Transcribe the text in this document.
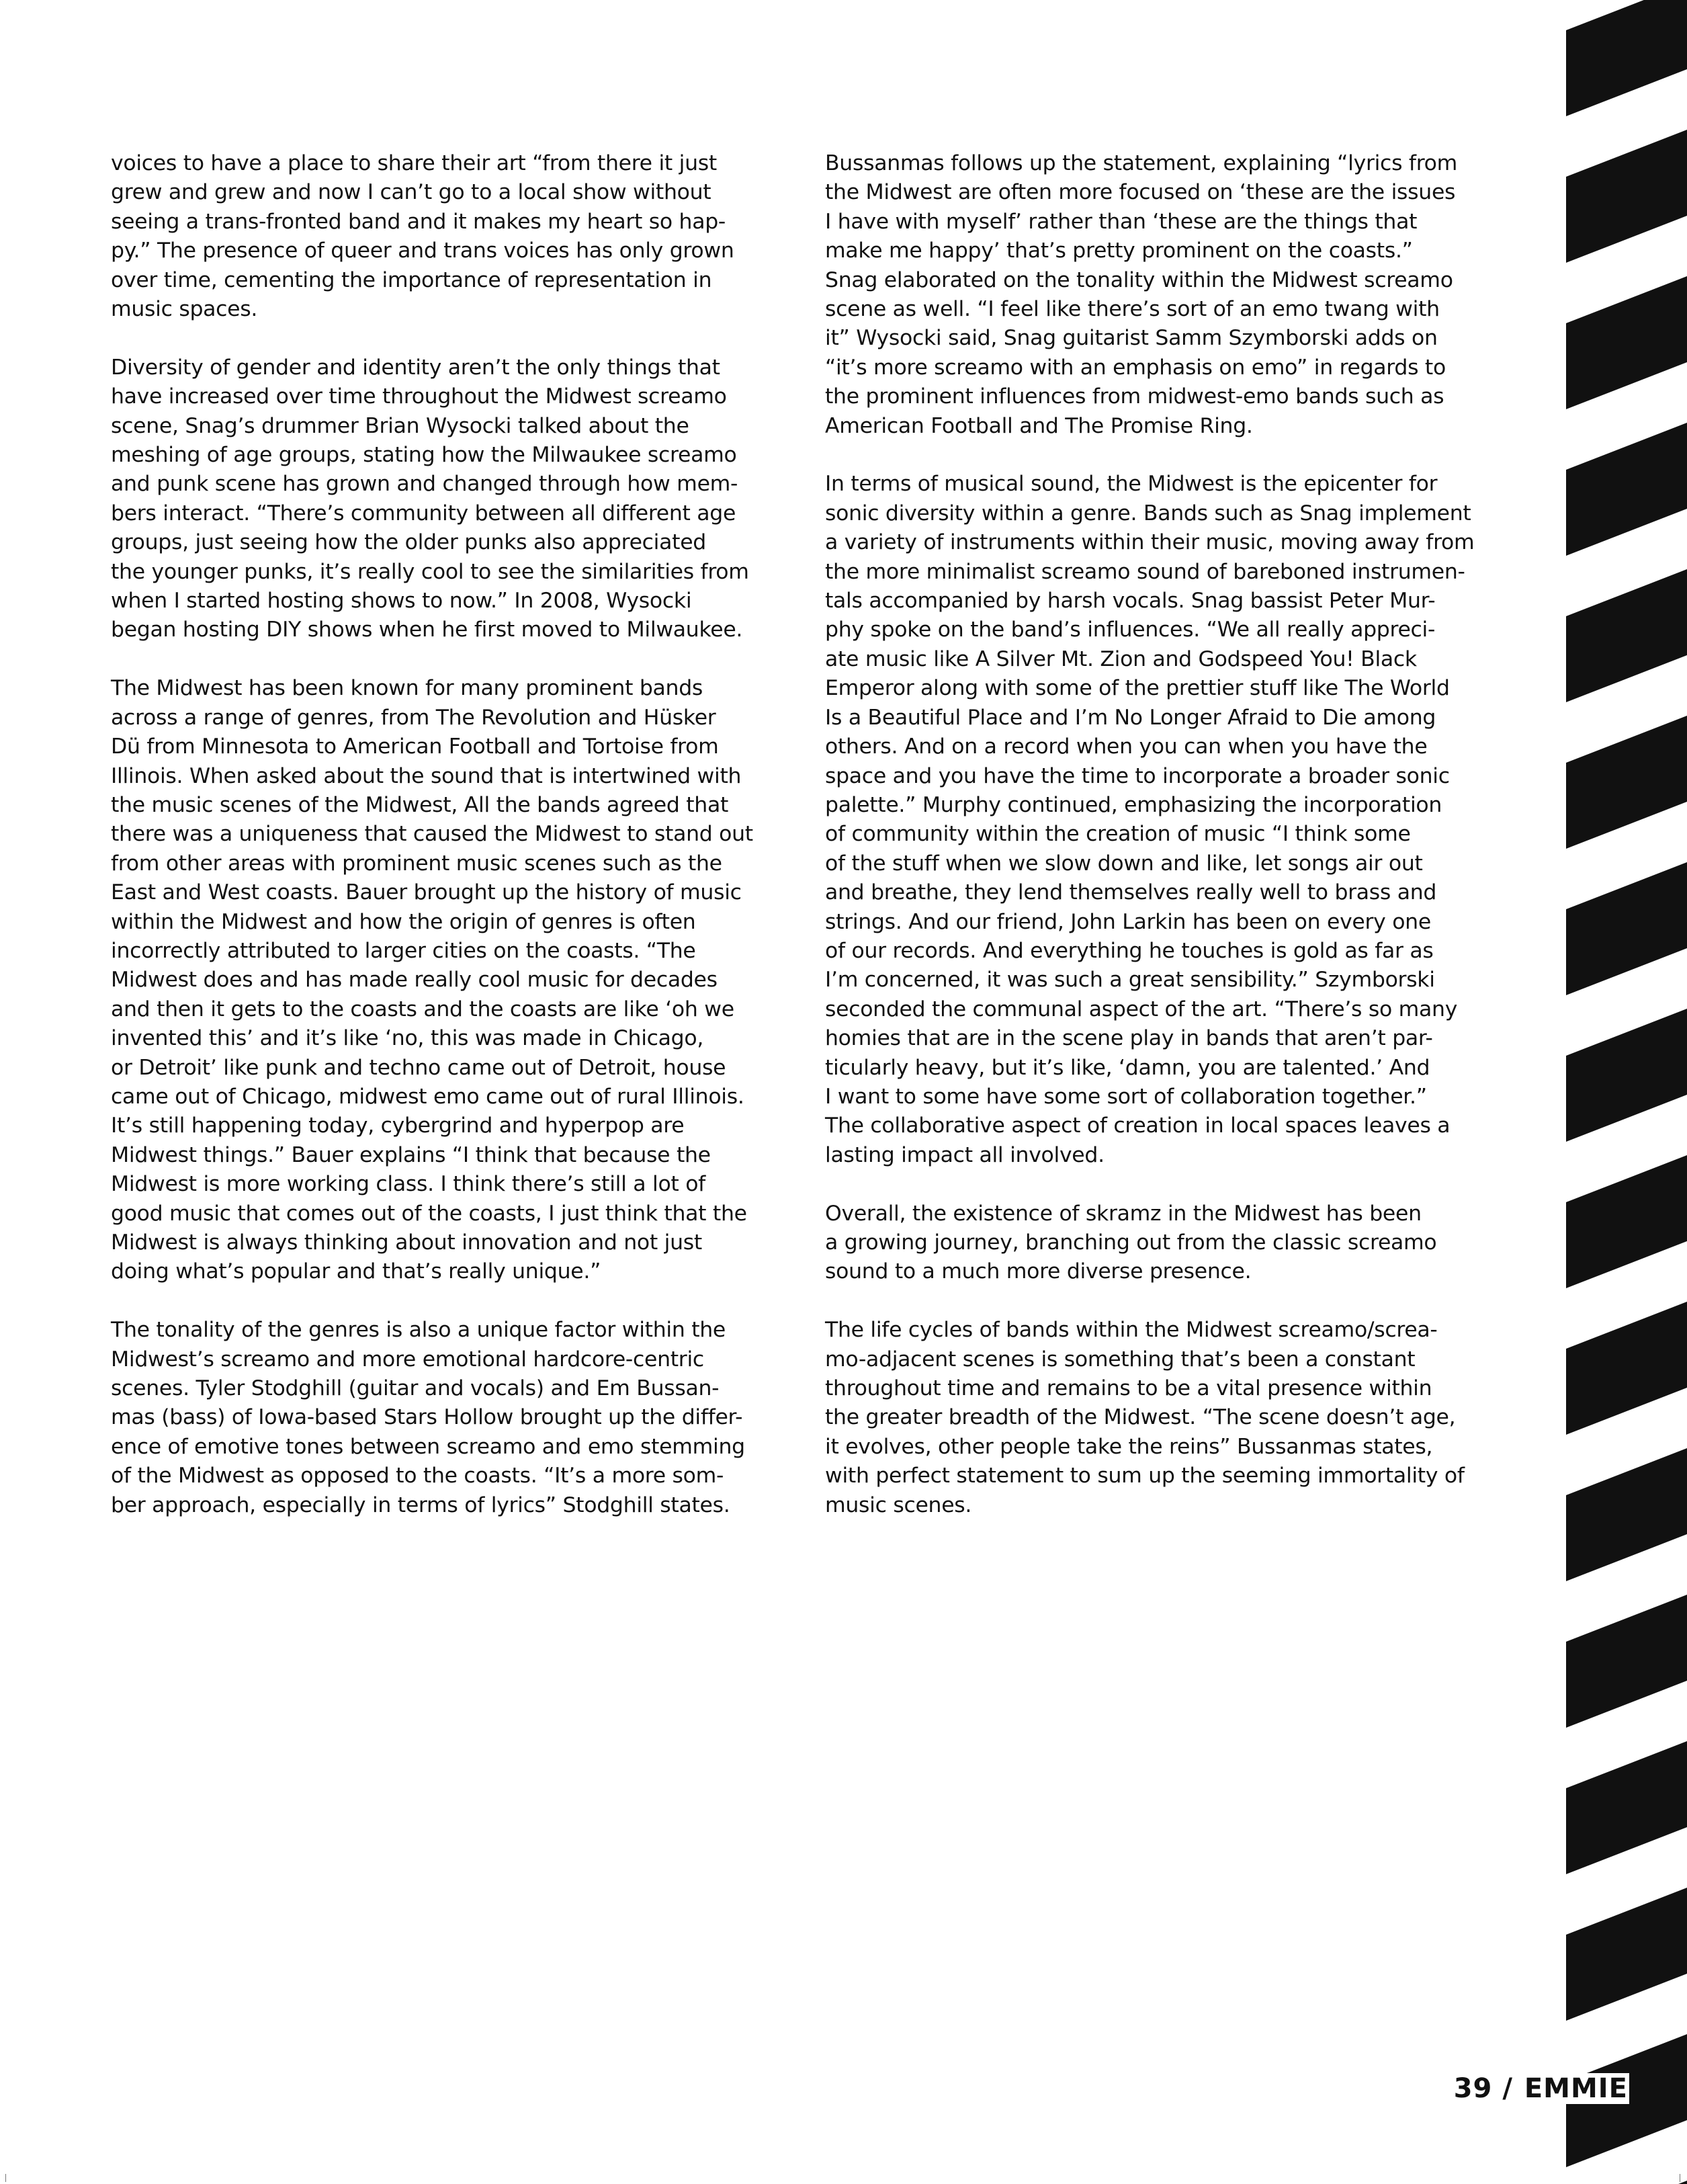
voices to have a place to share their art “from there it just
grew and grew and now I can’t go to a local show without
seeing a trans-fronted band and it makes my heart so hap-
py.” The presence of queer and trans voices has only grown
over time, cementing the importance of representation in
music spaces.

Diversity of gender and identity aren’t the only things that
have increased over time throughout the Midwest screamo
scene, Snag’s drummer Brian Wysocki talked about the
meshing of age groups, stating how the Milwaukee screamo
and punk scene has grown and changed through how mem-
bers interact. “There’s community between all different age
groups, just seeing how the older punks also appreciated
the younger punks, it’s really cool to see the similarities from
when I started hosting shows to now.” In 2008, Wysocki
began hosting DIY shows when he first moved to Milwaukee.

The Midwest has been known for many prominent bands
across a range of genres, from The Revolution and Hüsker
Dü from Minnesota to American Football and Tortoise from
Illinois. When asked about the sound that is intertwined with
the music scenes of the Midwest, All the bands agreed that
there was a uniqueness that caused the Midwest to stand out
from other areas with prominent music scenes such as the
East and West coasts. Bauer brought up the history of music
within the Midwest and how the origin of genres is often
incorrectly attributed to larger cities on the coasts. “The
Midwest does and has made really cool music for decades
and then it gets to the coasts and the coasts are like ‘oh we
invented this’ and it’s like ‘no, this was made in Chicago,
or Detroit’ like punk and techno came out of Detroit, house
came out of Chicago, midwest emo came out of rural Illinois.
It’s still happening today, cybergrind and hyperpop are
Midwest things.” Bauer explains “I think that because the
Midwest is more working class. I think there’s still a lot of
good music that comes out of the coasts, I just think that the
Midwest is always thinking about innovation and not just
doing what’s popular and that’s really unique.”

The tonality of the genres is also a unique factor within the
Midwest’s screamo and more emotional hardcore-centric
scenes. Tyler Stodghill (guitar and vocals) and Em Bussan-
mas (bass) of Iowa-based Stars Hollow brought up the differ-
ence of emotive tones between screamo and emo stemming
of the Midwest as opposed to the coasts. “It’s a more som-
ber approach, especially in terms of lyrics” Stodghill states.

Bussanmas follows up the statement, explaining “lyrics from
the Midwest are often more focused on ‘these are the issues
I have with myself’ rather than ‘these are the things that
make me happy’ that’s pretty prominent on the coasts.”
Snag elaborated on the tonality within the Midwest screamo
scene as well. “I feel like there’s sort of an emo twang with
it” Wysocki said, Snag guitarist Samm Szymborski adds on
“it’s more screamo with an emphasis on emo” in regards to
the prominent influences from midwest-emo bands such as
American Football and The Promise Ring.

In terms of musical sound, the Midwest is the epicenter for
sonic diversity within a genre. Bands such as Snag implement
a variety of instruments within their music, moving away from
the more minimalist screamo sound of bareboned instrumen-
tals accompanied by harsh vocals. Snag bassist Peter Mur-
phy spoke on the band’s influences. “We all really appreci-
ate music like A Silver Mt. Zion and Godspeed You! Black
Emperor along with some of the prettier stuff like The World
Is a Beautiful Place and I’m No Longer Afraid to Die among
others. And on a record when you can when you have the
space and you have the time to incorporate a broader sonic
palette.” Murphy continued, emphasizing the incorporation
of community within the creation of music “I think some
of the stuff when we slow down and like, let songs air out
and breathe, they lend themselves really well to brass and
strings. And our friend, John Larkin has been on every one
of our records. And everything he touches is gold as far as
I’m concerned, it was such a great sensibility.” Szymborski
seconded the communal aspect of the art. “There’s so many
homies that are in the scene play in bands that aren’t par-
ticularly heavy, but it’s like, ‘damn, you are talented.’ And
I want to some have some sort of collaboration together.”
The collaborative aspect of creation in local spaces leaves a
lasting impact all involved.

Overall, the existence of skramz in the Midwest has been
a growing journey, branching out from the classic screamo
sound to a much more diverse presence.

The life cycles of bands within the Midwest screamo/screa-
mo-adjacent scenes is something that’s been a constant
throughout time and remains to be a vital presence within
the greater breadth of the Midwest. “The scene doesn’t age,
it evolves, other people take the reins” Bussanmas states,
with perfect statement to sum up the seeming immortality of
music scenes.

39 / EMMIE
